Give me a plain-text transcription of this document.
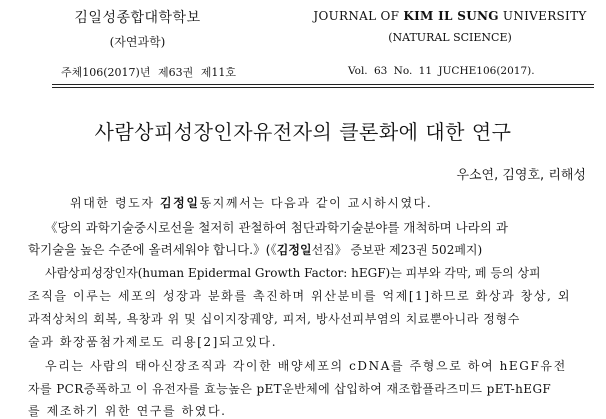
김일성종합대학학보
(자연과학)
JOURNAL OF KIM IL SUNG UNIVERSITY
(NATURAL SCIENCE)
주체106(2017)년 제63권 제11호	Vol. 63 No. 11 JUCHE106(2017).
사람상피성장인자유전자의 클론화에 대한 연구
우소연, 김영호, 리해성
위대한 령도자 김정일동지께서는 다음과 같이 교시하시였다.
《당의 과학기술중시로선을 철저히 관철하여 첨단과학기술분야를 개척하며 나라의 과
학기술을 높은 수준에 올려세워야 합니다.》(《김정일선집》 증보판 제23권 502페지)
사람상피성장인자(human Epidermal Growth Factor: hEGF)는 피부와 각막, 페 등의 상피
조직을 이루는 세포의 성장과 분화를 촉진하며 위산분비를 억제[1]하므로 화상과 창상, 외
과적상처의 회복, 욕창과 위 및 십이지장궤양, 피저, 방사선피부염의 치료뿐아니라 정형수
술과 화장품첨가제로도 리용[2]되고있다.
우리는 사람의 태아신장조직과 각이한 배양세포의 cDNA를 주형으로 하여 hEGF유전
자를 PCR증폭하고 이 유전자를 효능높은 pET운반체에 삽입하여 재조합플라즈미드 pET-hEGF
를 제조하기 위한 연구를 하였다.
